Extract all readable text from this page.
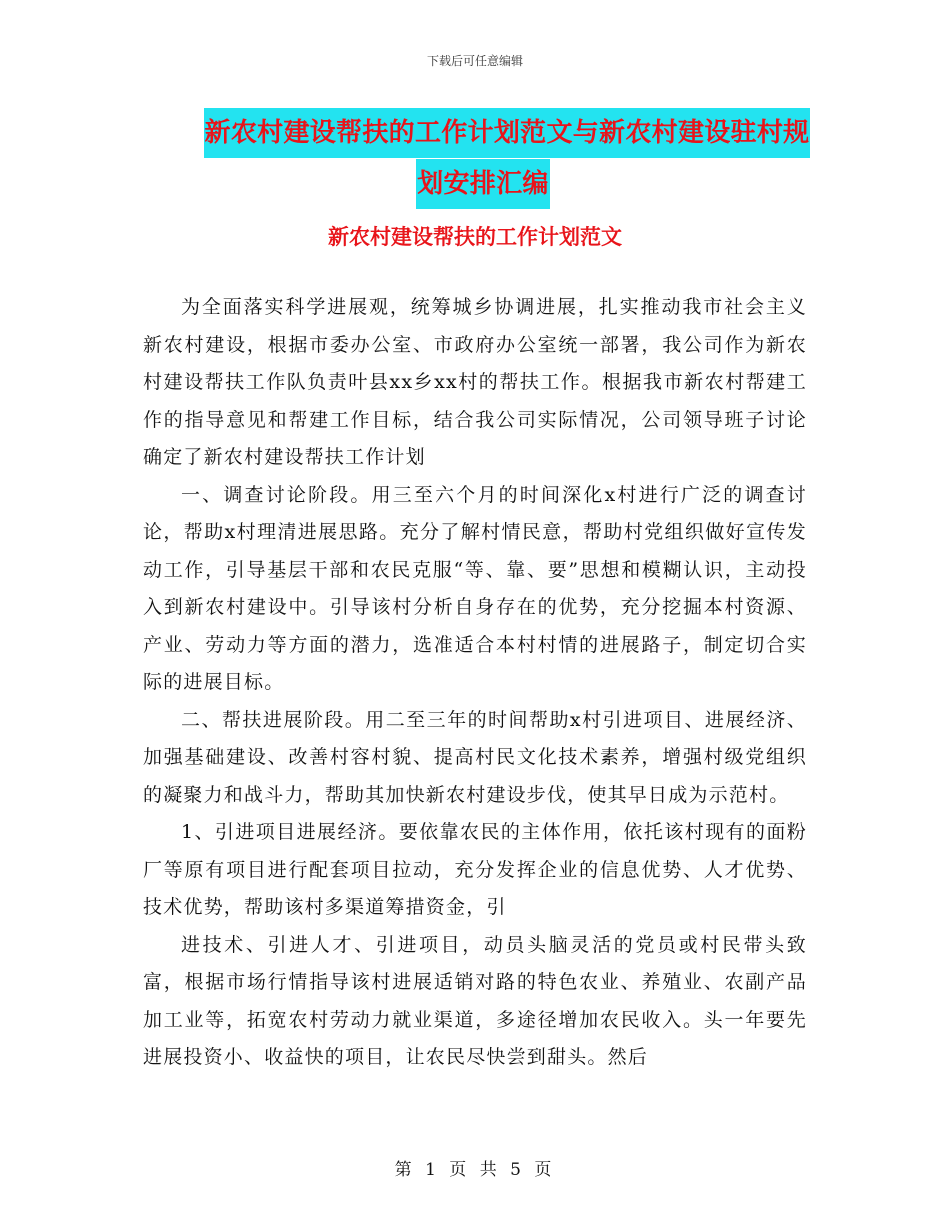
下载后可任意编辑
新农村建设帮扶的工作计划范文与新农村建设驻村规
划安排汇编
新农村建设帮扶的工作计划范文

为全面落实科学进展观，统筹城乡协调进展，扎实推动我市社会主义新农村建设，根据市委办公室、市政府办公室统一部署，我公司作为新农村建设帮扶工作队负责叶县xx乡xx村的帮扶工作。根据我市新农村帮建工作的指导意见和帮建工作目标，结合我公司实际情况，公司领导班子讨论确定了新农村建设帮扶工作计划

一、调查讨论阶段。用三至六个月的时间深化x村进行广泛的调查讨论，帮助x村理清进展思路。充分了解村情民意，帮助村党组织做好宣传发动工作，引导基层干部和农民克服“等、靠、要”思想和模糊认识，主动投入到新农村建设中。引导该村分析自身存在的优势，充分挖掘本村资源、产业、劳动力等方面的潜力，选准适合本村村情的进展路子，制定切合实际的进展目标。

二、帮扶进展阶段。用二至三年的时间帮助x村引进项目、进展经济、加强基础建设、改善村容村貌、提高村民文化技术素养，增强村级党组织的凝聚力和战斗力，帮助其加快新农村建设步伐，使其早日成为示范村。

1、引进项目进展经济。要依靠农民的主体作用，依托该村现有的面粉厂等原有项目进行配套项目拉动，充分发挥企业的信息优势、人才优势、技术优势，帮助该村多渠道筹措资金，引

进技术、引进人才、引进项目，动员头脑灵活的党员或村民带头致富，根据市场行情指导该村进展适销对路的特色农业、养殖业、农副产品加工业等，拓宽农村劳动力就业渠道，多途径增加农民收入。头一年要先进展投资小、收益快的项目，让农民尽快尝到甜头。然后

第 1 页 共 5 页
